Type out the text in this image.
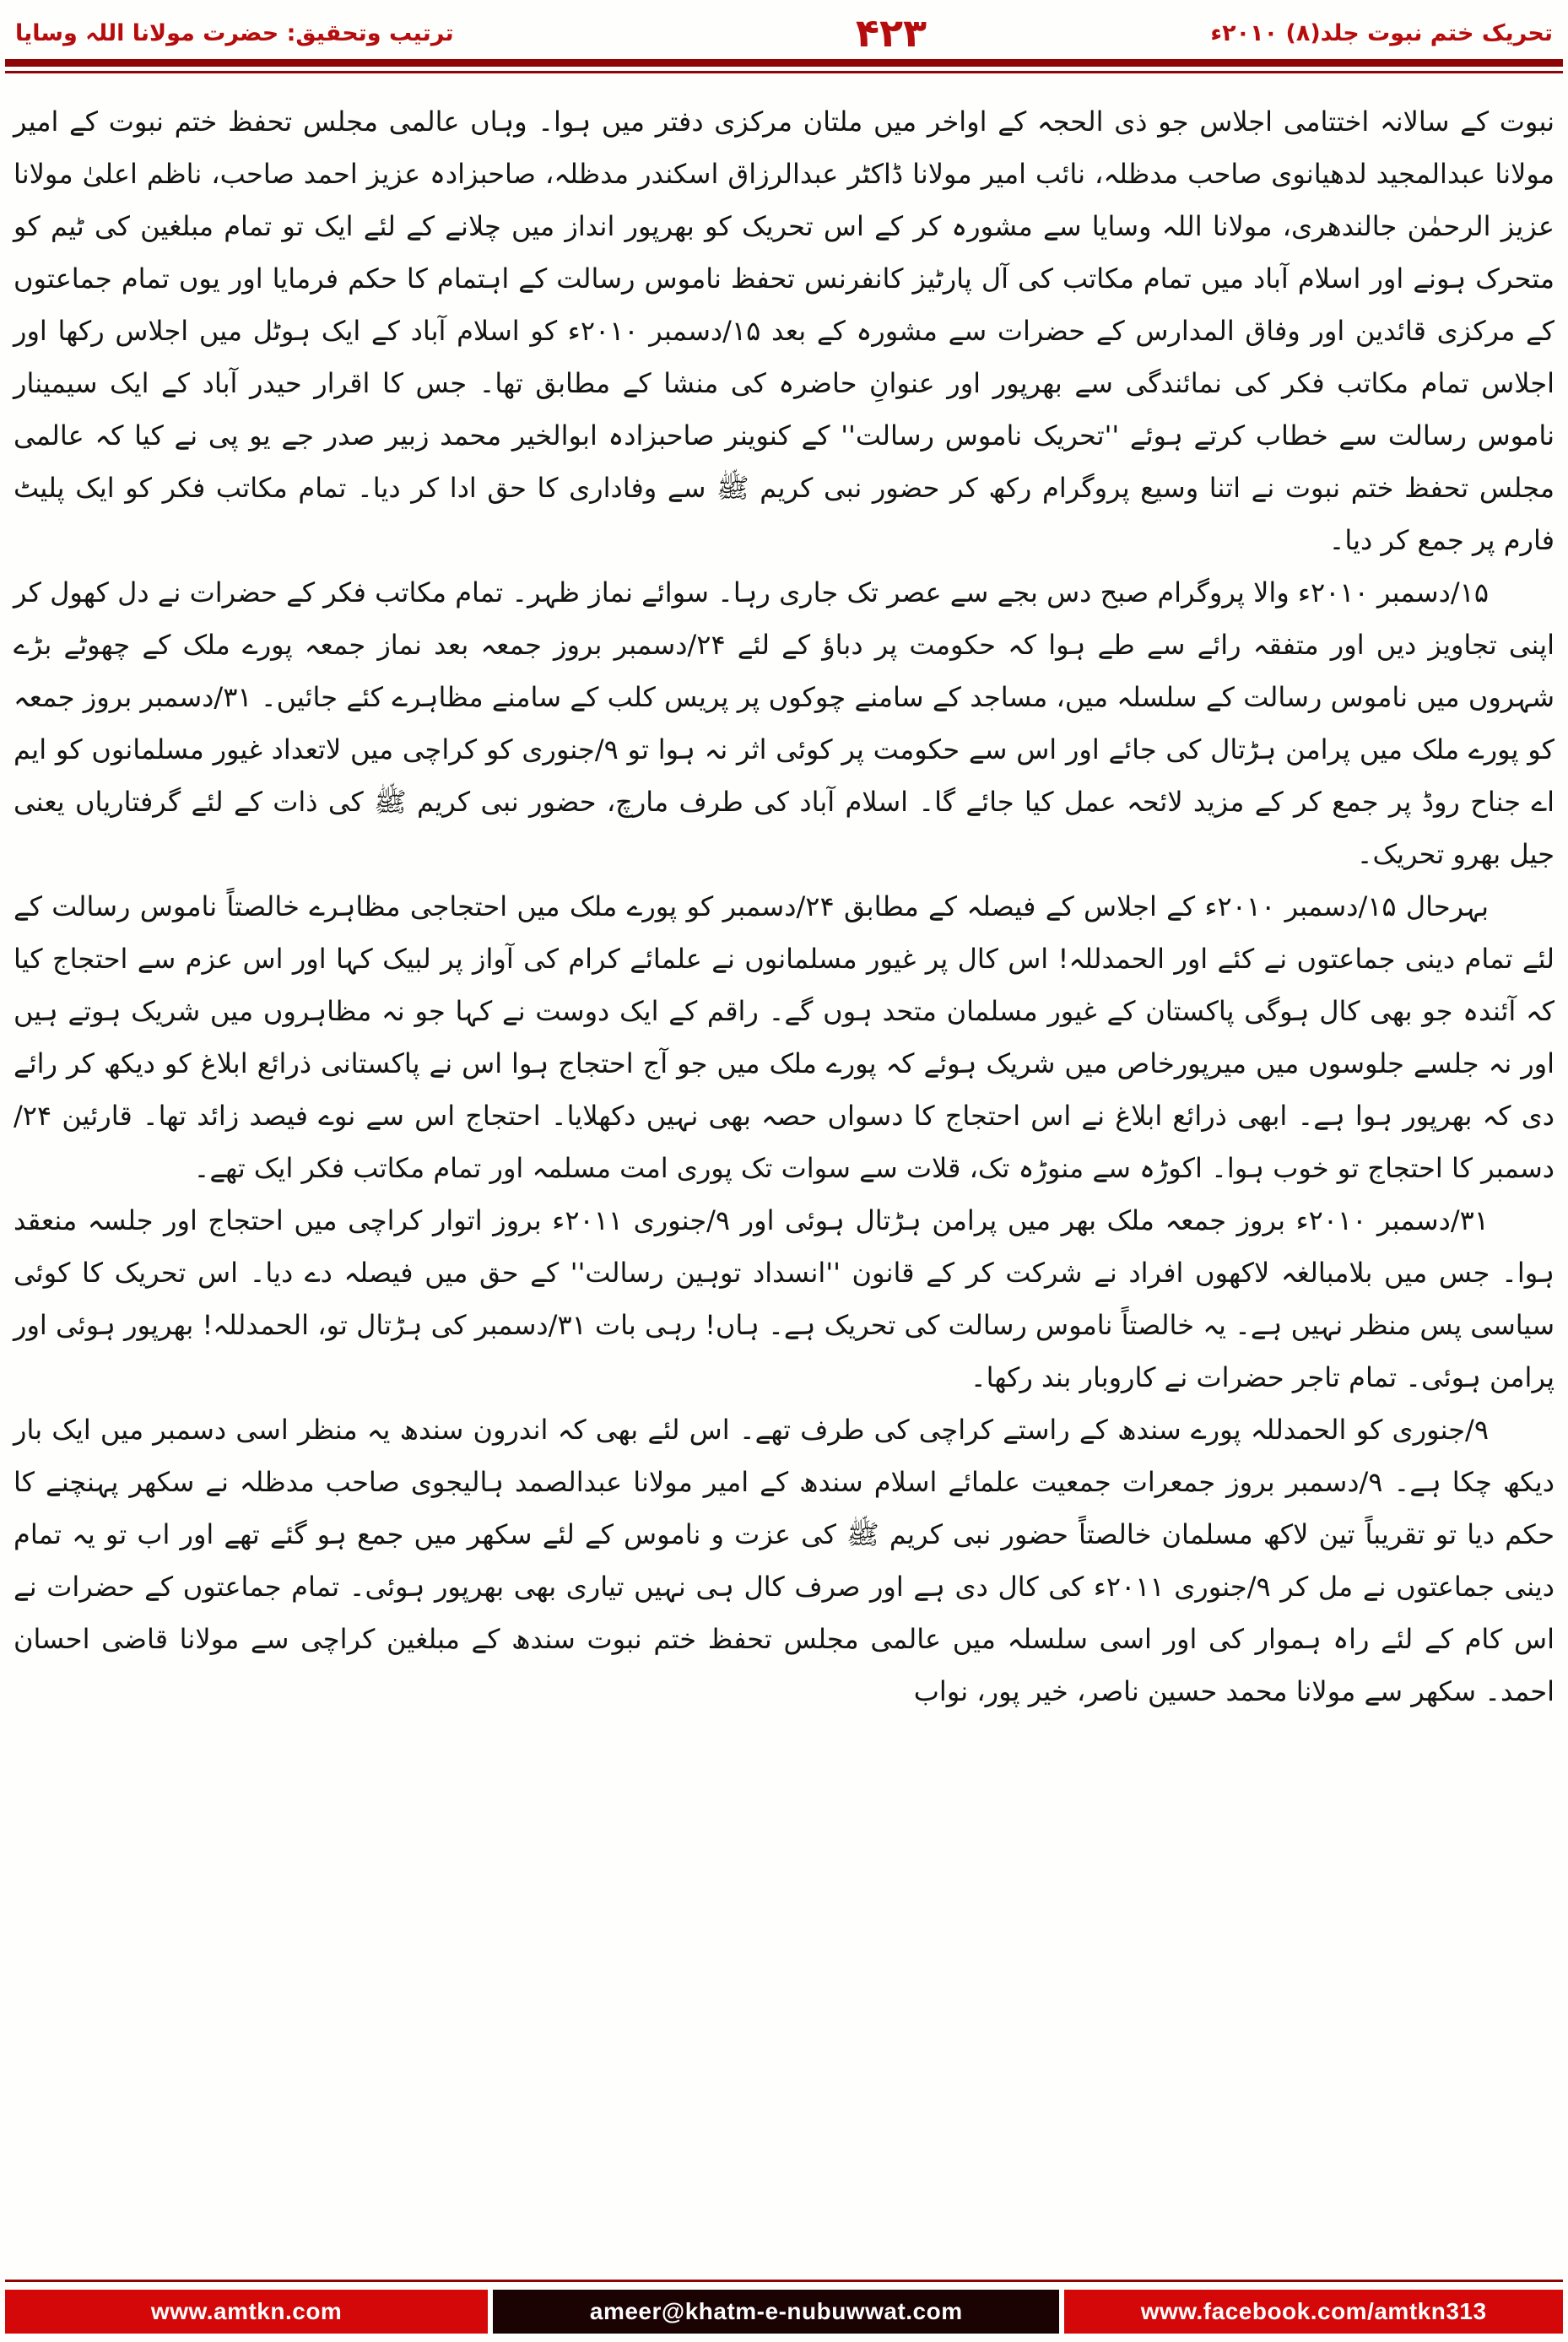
تحریک ختم نبوت جلد(۸) ۲۰۱۰ء
۴۲۳
ترتیب وتحقیق: حضرت مولانا اللہ وسایا

نبوت کے سالانہ اختتامی اجلاس جو ذی الحجہ کے اواخر میں ملتان مرکزی دفتر میں ہوا۔ وہاں عالمی مجلس تحفظ ختم نبوت کے امیر مولانا عبدالمجید لدھیانوی صاحب مدظلہ، نائب امیر مولانا ڈاکٹر عبدالرزاق اسکندر مدظلہ، صاحبزادہ عزیز احمد صاحب، ناظم اعلیٰ مولانا عزیز الرحمٰن جالندھری، مولانا اللہ وسایا سے مشورہ کر کے اس تحریک کو بھرپور انداز میں چلانے کے لئے ایک تو تمام مبلغین کی ٹیم کو متحرک ہونے اور اسلام آباد میں تمام مکاتب کی آل پارٹیز کانفرنس تحفظ ناموس رسالت کے اہتمام کا حکم فرمایا اور یوں تمام جماعتوں کے مرکزی قائدین اور وفاق المدارس کے حضرات سے مشورہ کے بعد ۱۵/دسمبر ۲۰۱۰ء کو اسلام آباد کے ایک ہوٹل میں اجلاس رکھا اور اجلاس تمام مکاتب فکر کی نمائندگی سے بھرپور اور عنوانِ حاضرہ کی منشا کے مطابق تھا۔ جس کا اقرار حیدر آباد کے ایک سیمینار ناموس رسالت سے خطاب کرتے ہوئے ''تحریک ناموس رسالت'' کے کنوینر صاحبزادہ ابوالخیر محمد زبیر صدر جے یو پی نے کیا کہ عالمی مجلس تحفظ ختم نبوت نے اتنا وسیع پروگرام رکھ کر حضور نبی کریم ﷺ سے وفاداری کا حق ادا کر دیا۔ تمام مکاتب فکر کو ایک پلیٹ فارم پر جمع کر دیا۔

۱۵/دسمبر ۲۰۱۰ء والا پروگرام صبح دس بجے سے عصر تک جاری رہا۔ سوائے نماز ظہر۔ تمام مکاتب فکر کے حضرات نے دل کھول کر اپنی تجاویز دیں اور متفقہ رائے سے طے ہوا کہ حکومت پر دباؤ کے لئے ۲۴/دسمبر بروز جمعہ بعد نماز جمعہ پورے ملک کے چھوٹے بڑے شہروں میں ناموس رسالت کے سلسلہ میں، مساجد کے سامنے چوکوں پر پریس کلب کے سامنے مظاہرے کئے جائیں۔ ۳۱/دسمبر بروز جمعہ کو پورے ملک میں پرامن ہڑتال کی جائے اور اس سے حکومت پر کوئی اثر نہ ہوا تو ۹/جنوری کو کراچی میں لاتعداد غیور مسلمانوں کو ایم اے جناح روڈ پر جمع کر کے مزید لائحہ عمل کیا جائے گا۔ اسلام آباد کی طرف مارچ، حضور نبی کریم ﷺ کی ذات کے لئے گرفتاریاں یعنی جیل بھرو تحریک۔

بہرحال ۱۵/دسمبر ۲۰۱۰ء کے اجلاس کے فیصلہ کے مطابق ۲۴/دسمبر کو پورے ملک میں احتجاجی مظاہرے خالصتاً ناموس رسالت کے لئے تمام دینی جماعتوں نے کئے اور الحمدللہ! اس کال پر غیور مسلمانوں نے علمائے کرام کی آواز پر لبیک کہا اور اس عزم سے احتجاج کیا کہ آئندہ جو بھی کال ہوگی پاکستان کے غیور مسلمان متحد ہوں گے۔ راقم کے ایک دوست نے کہا جو نہ مظاہروں میں شریک ہوتے ہیں اور نہ جلسے جلوسوں میں میرپورخاص میں شریک ہوئے کہ پورے ملک میں جو آج احتجاج ہوا اس نے پاکستانی ذرائع ابلاغ کو دیکھ کر رائے دی کہ بھرپور ہوا ہے۔ ابھی ذرائع ابلاغ نے اس احتجاج کا دسواں حصہ بھی نہیں دکھلایا۔ احتجاج اس سے نوے فیصد زائد تھا۔ قارئین ۲۴/دسمبر کا احتجاج تو خوب ہوا۔ اکوڑہ سے منوڑہ تک، قلات سے سوات تک پوری امت مسلمہ اور تمام مکاتب فکر ایک تھے۔

۳۱/دسمبر ۲۰۱۰ء بروز جمعہ ملک بھر میں پرامن ہڑتال ہوئی اور ۹/جنوری ۲۰۱۱ء بروز اتوار کراچی میں احتجاج اور جلسہ منعقد ہوا۔ جس میں بلامبالغہ لاکھوں افراد نے شرکت کر کے قانون ''انسداد توہین رسالت'' کے حق میں فیصلہ دے دیا۔ اس تحریک کا کوئی سیاسی پس منظر نہیں ہے۔ یہ خالصتاً ناموس رسالت کی تحریک ہے۔ ہاں! رہی بات ۳۱/دسمبر کی ہڑتال تو، الحمدللہ! بھرپور ہوئی اور پرامن ہوئی۔ تمام تاجر حضرات نے کاروبار بند رکھا۔

۹/جنوری کو الحمدللہ پورے سندھ کے راستے کراچی کی طرف تھے۔ اس لئے بھی کہ اندرون سندھ یہ منظر اسی دسمبر میں ایک بار دیکھ چکا ہے۔ ۹/دسمبر بروز جمعرات جمعیت علمائے اسلام سندھ کے امیر مولانا عبدالصمد ہالیجوی صاحب مدظلہ نے سکھر پہنچنے کا حکم دیا تو تقریباً تین لاکھ مسلمان خالصتاً حضور نبی کریم ﷺ کی عزت و ناموس کے لئے سکھر میں جمع ہو گئے تھے اور اب تو یہ تمام دینی جماعتوں نے مل کر ۹/جنوری ۲۰۱۱ء کی کال دی ہے اور صرف کال ہی نہیں تیاری بھی بھرپور ہوئی۔ تمام جماعتوں کے حضرات نے اس کام کے لئے راہ ہموار کی اور اسی سلسلہ میں عالمی مجلس تحفظ ختم نبوت سندھ کے مبلغین کراچی سے مولانا قاضی احسان احمد۔ سکھر سے مولانا محمد حسین ناصر، خیر پور، نواب

www.amtkn.com	ameer@khatm-e-nubuwwat.com	www.facebook.com/amtkn313
